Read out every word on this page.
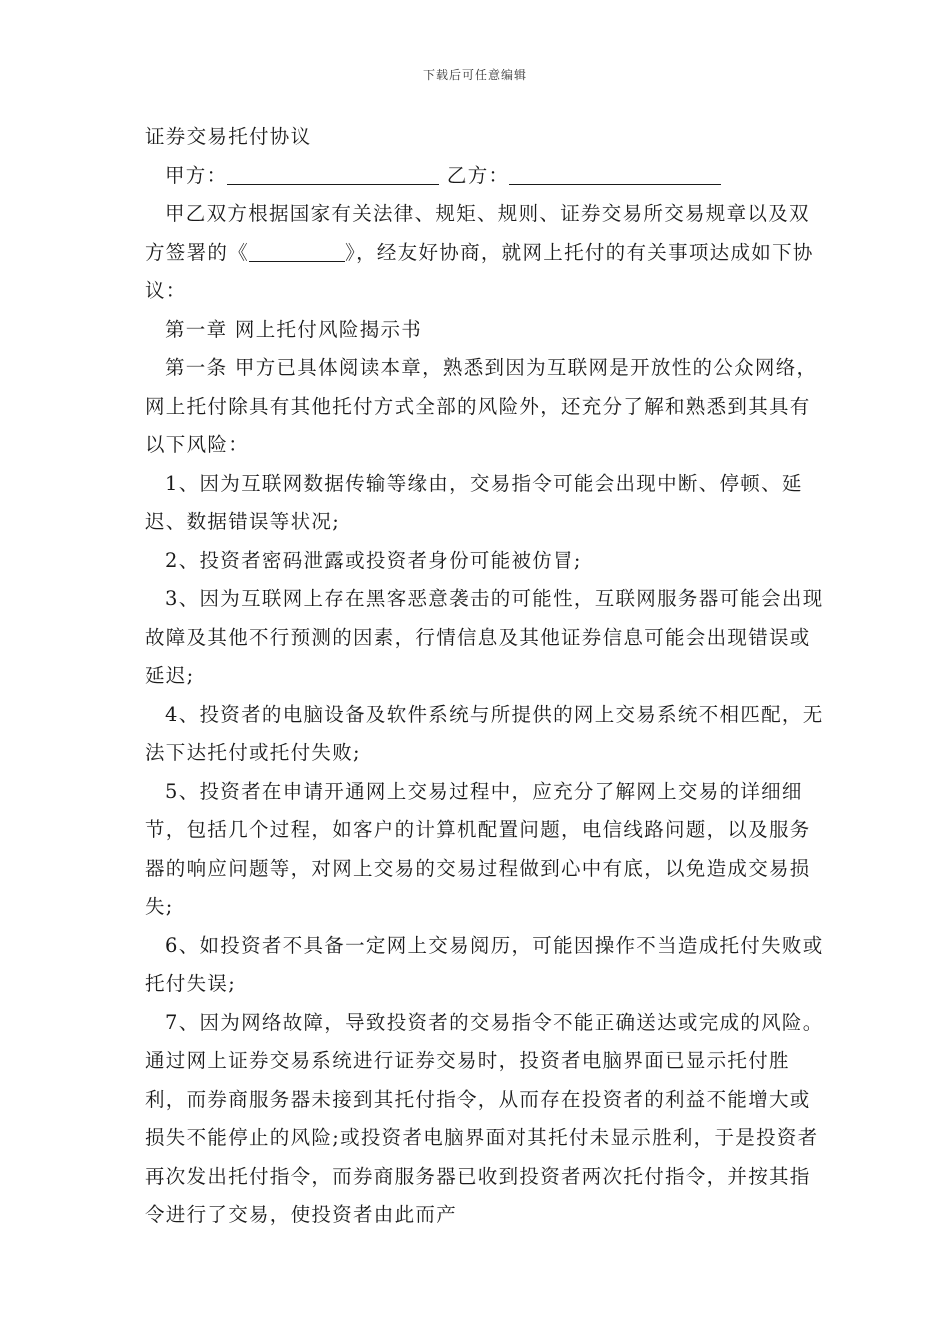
下载后可任意编辑

证券交易托付协议

甲方：	乙方：

甲乙双方根据国家有关法律、规矩、规则、证券交易所交易规章以及双方签署的《	》，经友好协商，就网上托付的有关事项达成如下协议：

第一章 网上托付风险揭示书

第一条 甲方已具体阅读本章，熟悉到因为互联网是开放性的公众网络，网上托付除具有其他托付方式全部的风险外，还充分了解和熟悉到其具有以下风险：

1、因为互联网数据传输等缘由，交易指令可能会出现中断、停顿、延迟、数据错误等状况;

2、投资者密码泄露或投资者身份可能被仿冒;

3、因为互联网上存在黑客恶意袭击的可能性，互联网服务器可能会出现故障及其他不行预测的因素，行情信息及其他证券信息可能会出现错误或延迟;

4、投资者的电脑设备及软件系统与所提供的网上交易系统不相匹配，无法下达托付或托付失败;

5、投资者在申请开通网上交易过程中，应充分了解网上交易的详细细节，包括几个过程，如客户的计算机配置问题，电信线路问题，以及服务器的响应问题等，对网上交易的交易过程做到心中有底，以免造成交易损失;

6、如投资者不具备一定网上交易阅历，可能因操作不当造成托付失败或托付失误;

7、因为网络故障，导致投资者的交易指令不能正确送达或完成的风险。通过网上证券交易系统进行证券交易时，投资者电脑界面已显示托付胜利，而券商服务器未接到其托付指令，从而存在投资者的利益不能增大或损失不能停止的风险;或投资者电脑界面对其托付未显示胜利，于是投资者再次发出托付指令，而券商服务器已收到投资者两次托付指令，并按其指令进行了交易，使投资者由此而产
